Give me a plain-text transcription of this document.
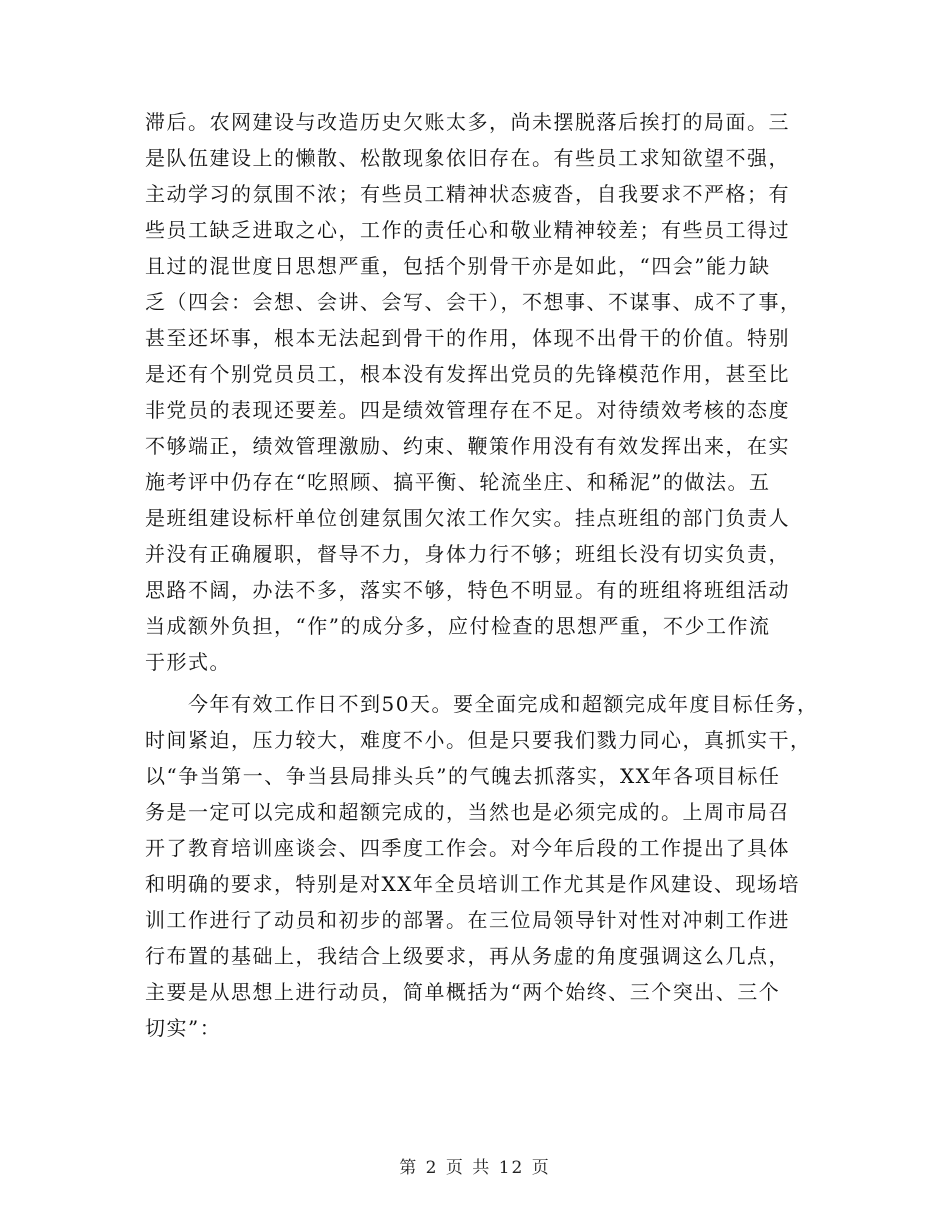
滞后。农网建设与改造历史欠账太多，尚未摆脱落后挨打的局面。三
是队伍建设上的懒散、松散现象依旧存在。有些员工求知欲望不强，
主动学习的氛围不浓；有些员工精神状态疲沓，自我要求不严格；有
些员工缺乏进取之心，工作的责任心和敬业精神较差；有些员工得过
且过的混世度日思想严重，包括个别骨干亦是如此，“四会”能力缺
乏（四会：会想、会讲、会写、会干），不想事、不谋事、成不了事，
甚至还坏事，根本无法起到骨干的作用，体现不出骨干的价值。特别
是还有个别党员员工，根本没有发挥出党员的先锋模范作用，甚至比
非党员的表现还要差。四是绩效管理存在不足。对待绩效考核的态度
不够端正，绩效管理激励、约束、鞭策作用没有有效发挥出来，在实
施考评中仍存在“吃照顾、搞平衡、轮流坐庄、和稀泥”的做法。五
是班组建设标杆单位创建氛围欠浓工作欠实。挂点班组的部门负责人
并没有正确履职，督导不力，身体力行不够；班组长没有切实负责，
思路不阔，办法不多，落实不够，特色不明显。有的班组将班组活动
当成额外负担，“作”的成分多，应付检查的思想严重，不少工作流
于形式。
　　今年有效工作日不到50天。要全面完成和超额完成年度目标任务，
时间紧迫，压力较大，难度不小。但是只要我们戮力同心，真抓实干，
以“争当第一、争当县局排头兵”的气魄去抓落实，XX年各项目标任
务是一定可以完成和超额完成的，当然也是必须完成的。上周市局召
开了教育培训座谈会、四季度工作会。对今年后段的工作提出了具体
和明确的要求，特别是对XX年全员培训工作尤其是作风建设、现场培
训工作进行了动员和初步的部署。在三位局领导针对性对冲刺工作进
行布置的基础上，我结合上级要求，再从务虚的角度强调这么几点，
主要是从思想上进行动员，简单概括为“两个始终、三个突出、三个
切实”：
第 2 页 共 12 页
